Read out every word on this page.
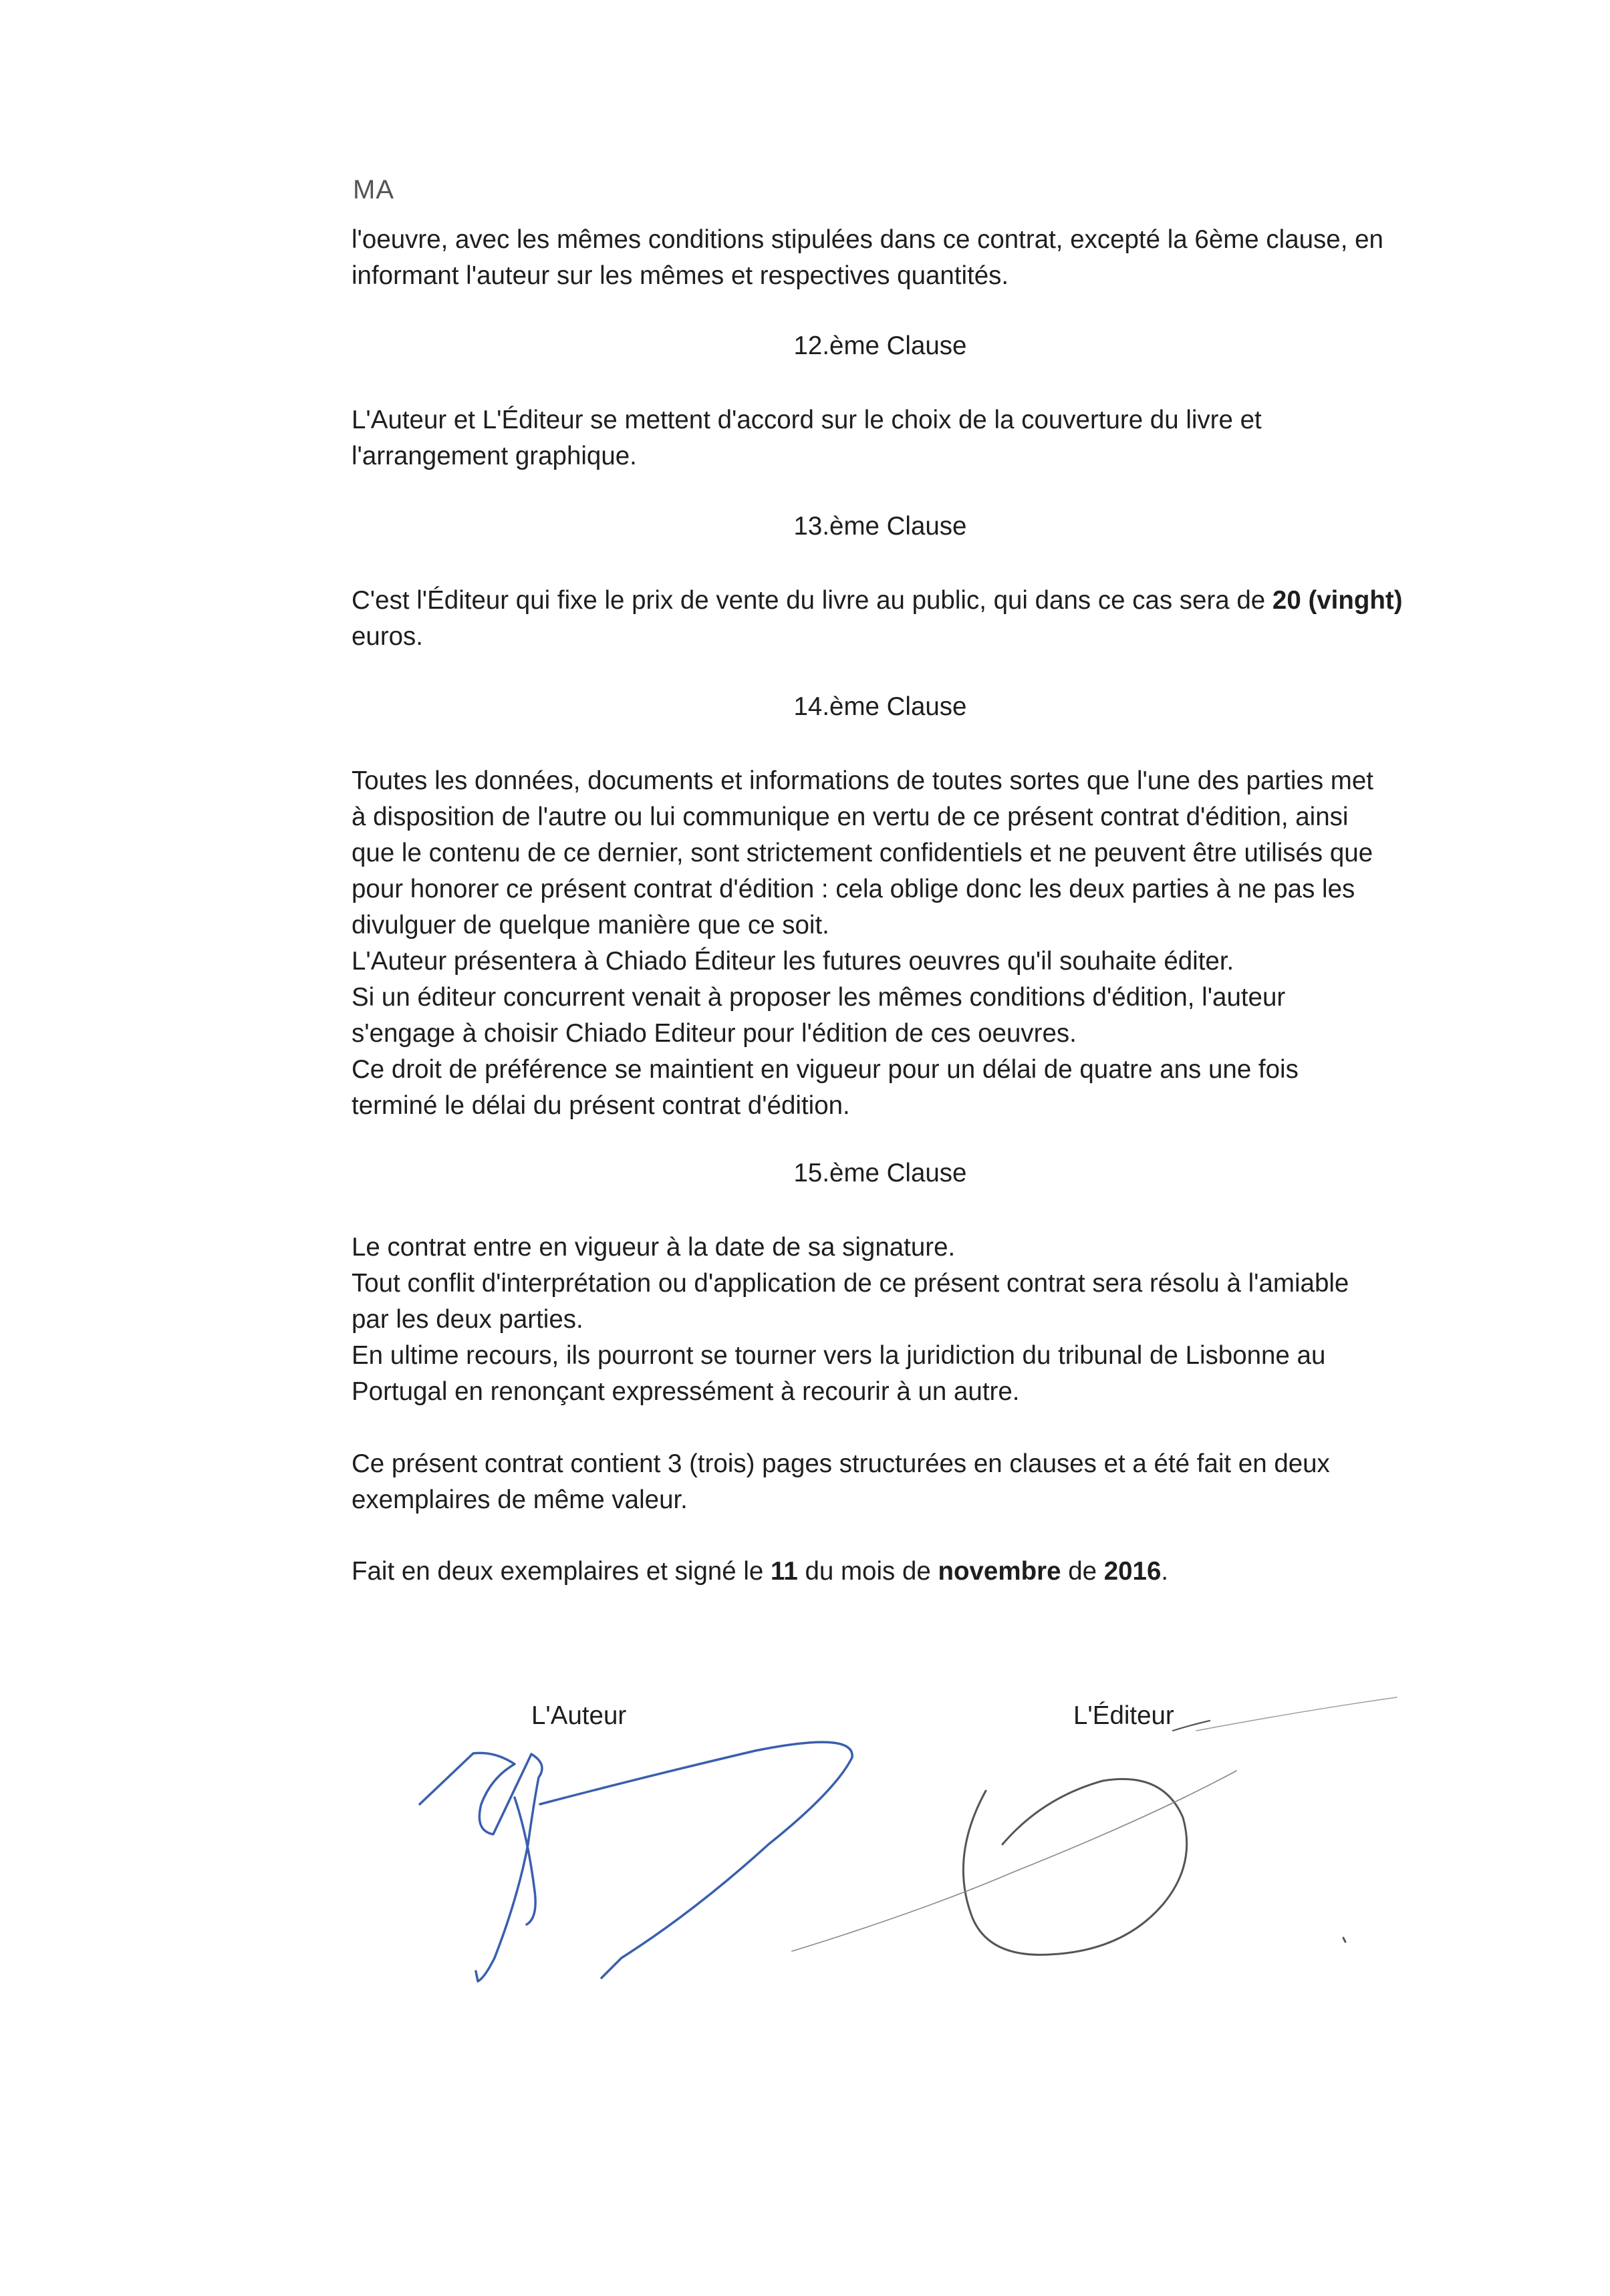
MA
l'oeuvre, avec les mêmes conditions stipulées dans ce contrat, excepté la 6ème clause, en
informant l'auteur sur les mêmes et respectives quantités.
12.ème Clause
L'Auteur et L'Éditeur se mettent d'accord sur le choix de la couverture du livre et
l'arrangement graphique.
13.ème Clause
C'est l'Éditeur qui fixe le prix de vente du livre au public, qui dans ce cas sera de 20 (vinght)
euros.
14.ème Clause
Toutes les données, documents et informations de toutes sortes que l'une des parties met
à disposition de l'autre ou lui communique en vertu de ce présent contrat d'édition, ainsi
que le contenu de ce dernier, sont strictement confidentiels et ne peuvent être utilisés que
pour honorer ce présent contrat d'édition : cela oblige donc les deux parties à ne pas les
divulguer de quelque manière que ce soit.
L'Auteur présentera à Chiado Éditeur les futures oeuvres qu'il souhaite éditer.
Si un éditeur concurrent venait à proposer les mêmes conditions d'édition, l'auteur
s'engage à choisir Chiado Editeur pour l'édition de ces oeuvres.
Ce droit de préférence se maintient en vigueur pour un délai de quatre ans une fois
terminé le délai du présent contrat d'édition.
15.ème Clause
Le contrat entre en vigueur à la date de sa signature.
Tout conflit d'interprétation ou d'application de ce présent contrat sera résolu à l'amiable
par les deux parties.
En ultime recours, ils pourront se tourner vers la juridiction du tribunal de Lisbonne au
Portugal en renonçant expressément à recourir à un autre.
Ce présent contrat contient 3 (trois) pages structurées en clauses et a été fait en deux
exemplaires de même valeur.
Fait en deux exemplaires et signé le 11 du mois de novembre de 2016.
L'Auteur	L'Éditeur
